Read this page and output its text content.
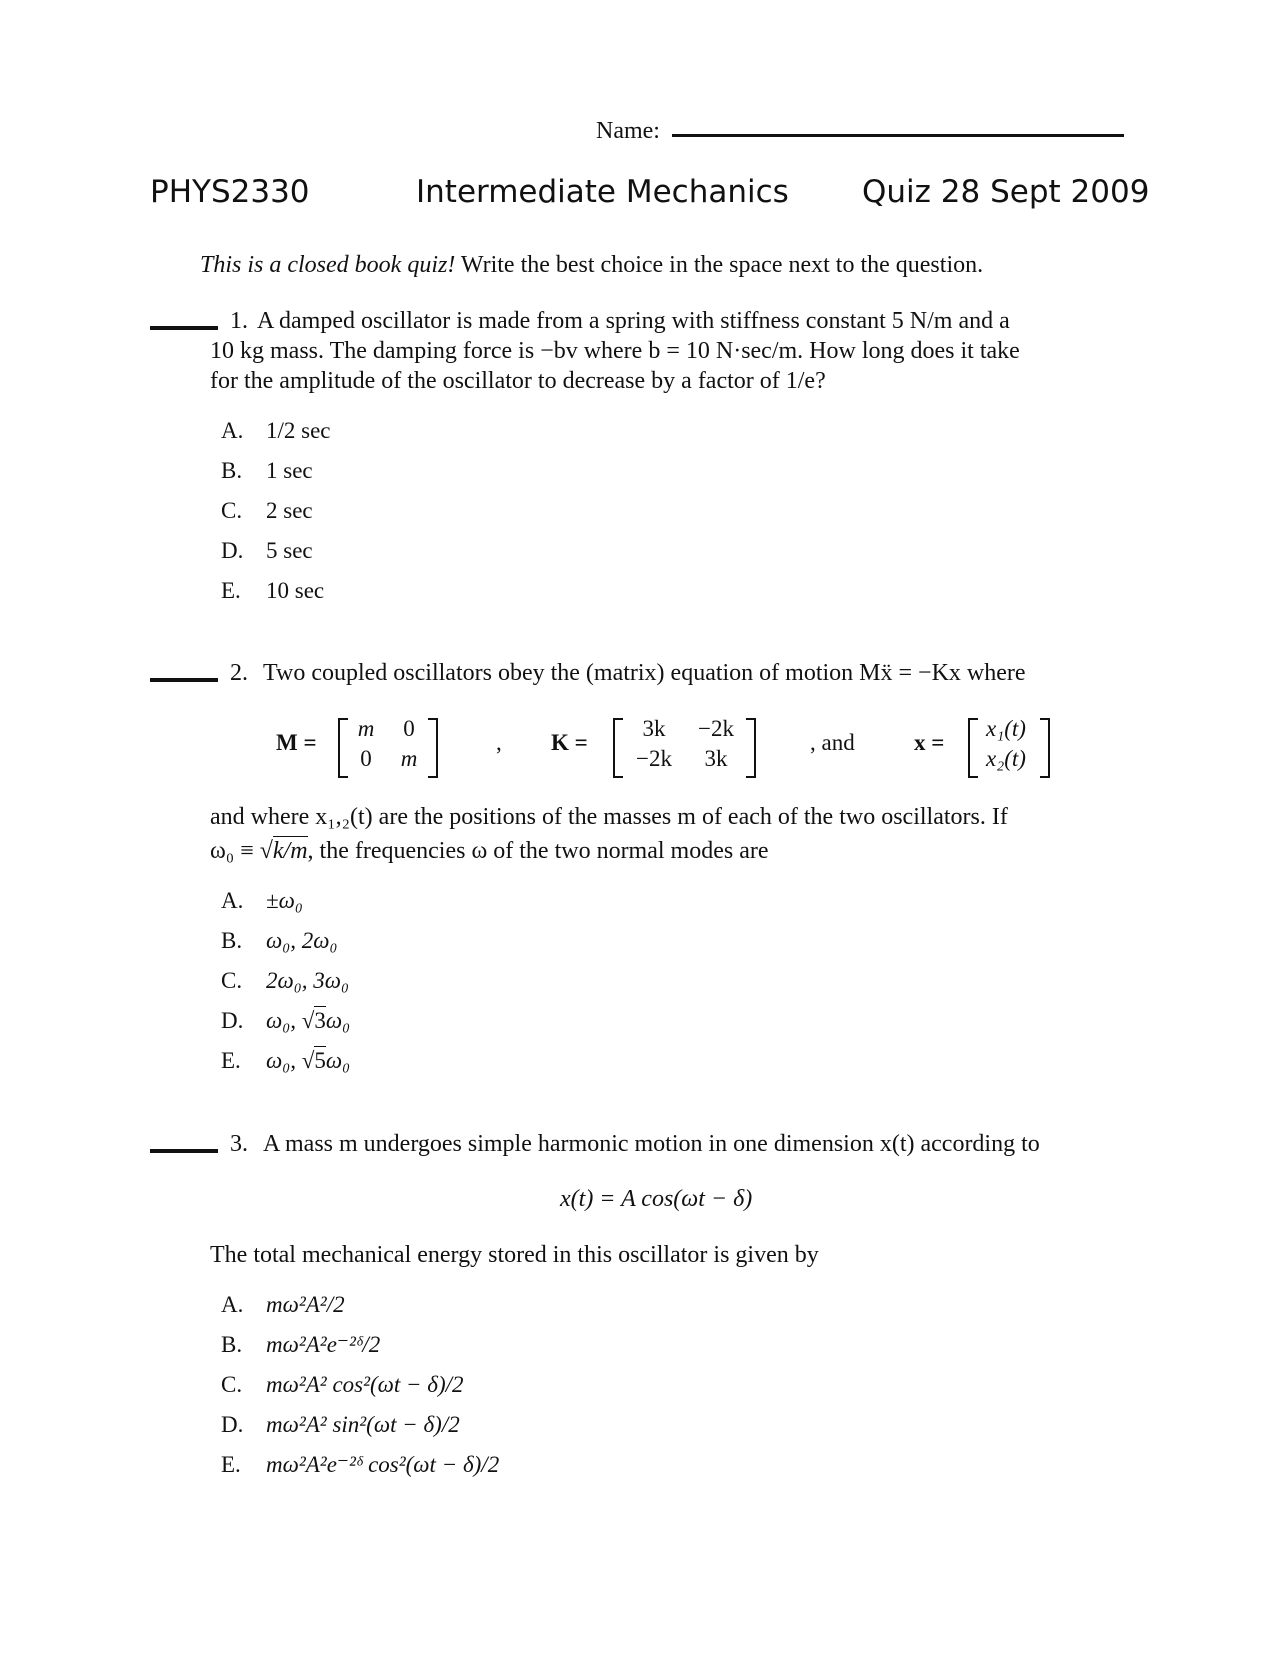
Name:
PHYS2330	Intermediate Mechanics Quiz 28 Sept 2009
This is a closed book quiz! Write the best choice in the space next to the question.
1. A damped oscillator is made from a spring with stiffness constant 5 N/m and a
10 kg mass. The damping force is −bv where b = 10 N·sec/m. How long does it take
for the amplitude of the oscillator to decrease by a factor of 1/e?
A. 1/2 sec
B. 1 sec
C. 2 sec
D. 5 sec
E. 10 sec
2. Two coupled oscillators obey the (matrix) equation of motion Mẍ = −Kx where
M =
m	0
0	m
, K =
3k	−2k
−2k	3k
, and	x =
x₁(t)
x₂(t)
and where x₁,₂(t) are the positions of the masses m of each of the two oscillators. If
ω₀ ≡ √k/m, the frequencies ω of the two normal modes are
A. ±ω₀
B. ω₀, 2ω₀
C. 2ω₀, 3ω₀
D. ω₀, √3ω₀
E. ω₀, √5ω₀
3. A mass m undergoes simple harmonic motion in one dimension x(t) according to
x(t) = A cos(ωt − δ)
The total mechanical energy stored in this oscillator is given by
A. mω²A²/2
B. mω²A²e⁻²ᵟ/2
C. mω²A² cos²(ωt − δ)/2
D. mω²A² sin²(ωt − δ)/2
E. mω²A²e⁻²ᵟ cos²(ωt − δ)/2
